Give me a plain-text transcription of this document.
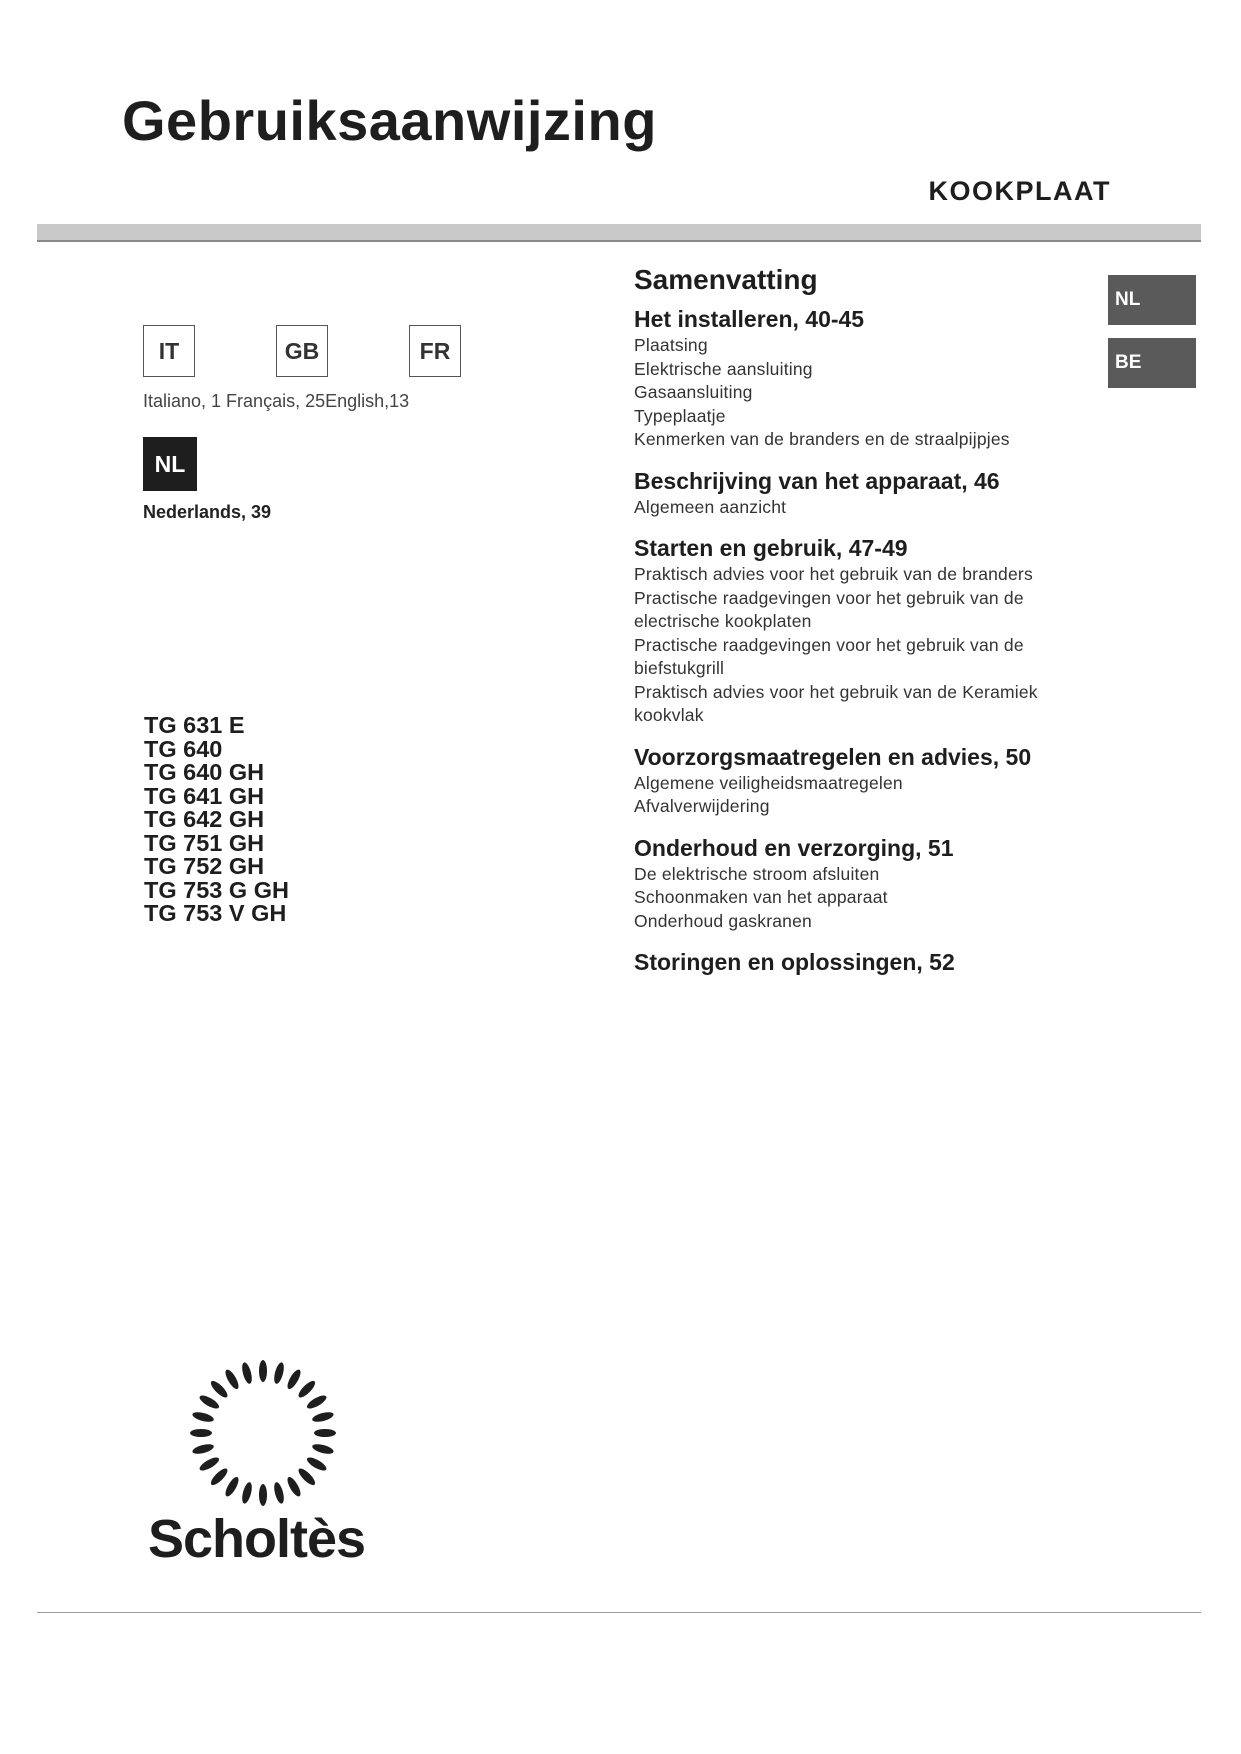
Gebruiksaanwijzing
KOOKPLAAT
IT	GB	FR
Italiano, 1 Français, 25English,13
NL
Nederlands, 39
NL
BE
TG 631 E
TG 640
TG 640 GH
TG 641 GH
TG 642 GH
TG 751 GH
TG 752 GH
TG 753 G GH
TG 753 V GH
Samenvatting
Het installeren, 40-45
Plaatsing
Elektrische aansluiting
Gasaansluiting
Typeplaatje
Kenmerken van de branders en de straalpijpjes
Beschrijving van het apparaat, 46
Algemeen aanzicht
Starten en gebruik, 47-49
Praktisch advies voor het gebruik van de branders
Practische raadgevingen voor het gebruik van de
electrische kookplaten
Practische raadgevingen voor het gebruik van de
biefstukgrill
Praktisch advies voor het gebruik van de Keramiek
kookvlak
Voorzorgsmaatregelen en advies, 50
Algemene veiligheidsmaatregelen
Afvalverwijdering
Onderhoud en verzorging, 51
De elektrische stroom afsluiten
Schoonmaken van het apparaat
Onderhoud gaskranen
Storingen en oplossingen, 52
Scholtès
